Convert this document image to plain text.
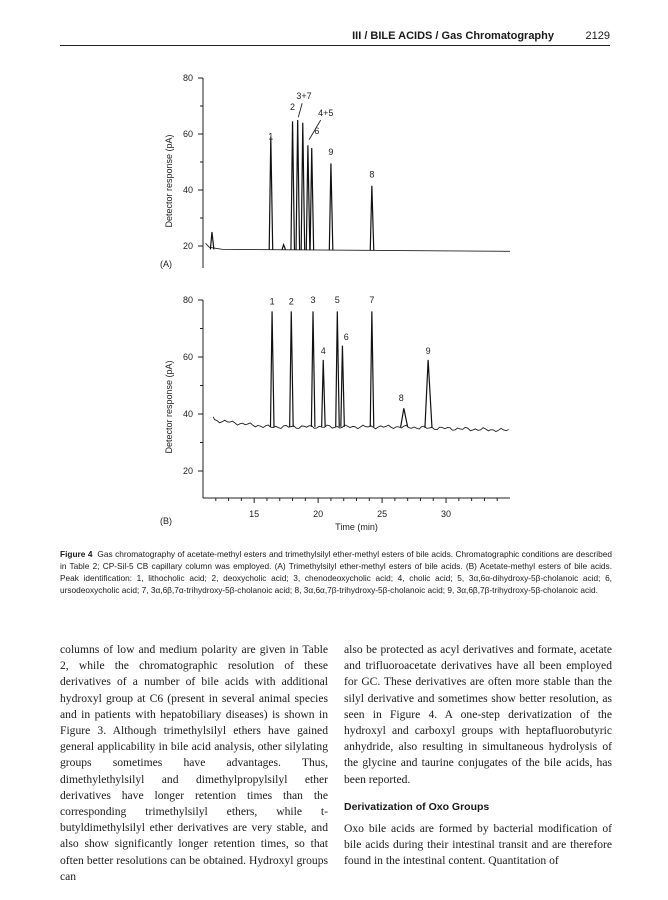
III / BILE ACIDS / Gas Chromatography	2129
20
40
60
80
Detector response (pA)
(A)
1
2
3+7
4+5
6
9
8
20
40
60
80
Detector response (pA)
(B)
15	20	25	30
Time (min)
1 2 3 5	7
4
6
9
8
Figure 4 Gas chromatography of acetate-methyl esters and trimethylsilyl ether-methyl esters of bile acids. Chromatographic conditions are described in Table 2; CP-Sil-5 CB capillary column was employed. (A) Trimethylsilyl ether-methyl esters of bile acids. (B) Acetate-methyl esters of bile acids. Peak identification: 1, lithocholic acid; 2, deoxycholic acid; 3, chenodeoxycholic acid; 4, cholic acid; 5, 3α,6α-dihydroxy-5β-cholanoic acid; 6, ursodeoxycholic acid; 7, 3α,6β,7α-trihydroxy-5β-cholanoic acid; 8, 3α,6α,7β-trihydroxy-5β-cholanoic acid; 9, 3α,6β,7β-trihydroxy-5β-cholanoic acid.

columns of low and medium polarity are given in Table 2, while the chromatographic resolution of these derivatives of a number of bile acids with additional hydroxyl group at C6 (present in several animal species and in patients with hepatobiliary diseases) is shown in Figure 3. Although trimethylsilyl ethers have gained general applicability in bile acid analysis, other silylating groups sometimes have advantages. Thus, dimethylethylsilyl and dimethylpropylsilyl ether derivatives have longer retention times than the corresponding trimethylsilyl ethers, while t-butyldimethylsilyl ether derivatives are very stable, and also show significantly longer retention times, so that often better resolutions can be obtained. Hydroxyl groups can

also be protected as acyl derivatives and formate, acetate and trifluoroacetate derivatives have all been employed for GC. These derivatives are often more stable than the silyl derivative and sometimes show better resolution, as seen in Figure 4. A one-step derivatization of the hydroxyl and carboxyl groups with heptafluorobutyric anhydride, also resulting in simultaneous hydrolysis of the glycine and taurine conjugates of the bile acids, has been reported.

Derivatization of Oxo Groups

Oxo bile acids are formed by bacterial modification of bile acids during their intestinal transit and are therefore found in the intestinal content. Quantitation of
